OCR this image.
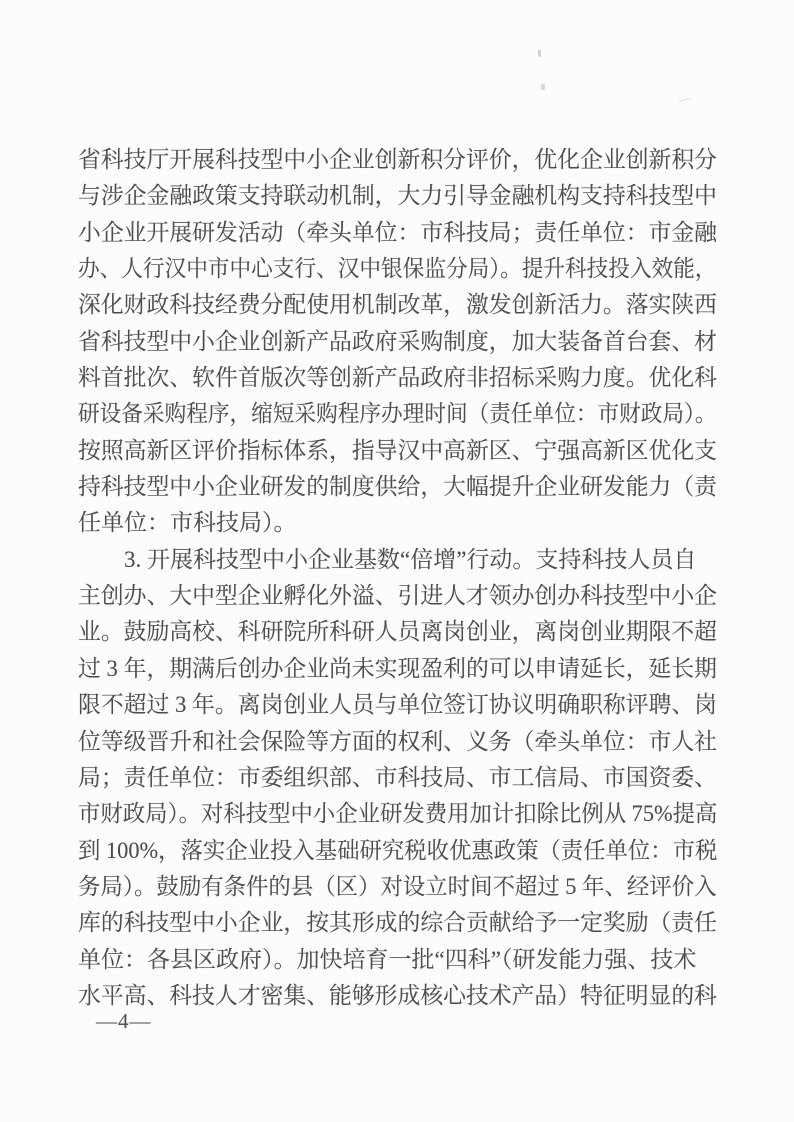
省科技厅开展科技型中小企业创新积分评价，优化企业创新积分
与涉企金融政策支持联动机制，大力引导金融机构支持科技型中
小企业开展研发活动（牵头单位：市科技局；责任单位：市金融
办、人行汉中市中心支行、汉中银保监分局）。提升科技投入效能，
深化财政科技经费分配使用机制改革，激发创新活力。落实陕西
省科技型中小企业创新产品政府采购制度，加大装备首台套、材
料首批次、软件首版次等创新产品政府非招标采购力度。优化科
研设备采购程序，缩短采购程序办理时间（责任单位：市财政局）。
按照高新区评价指标体系，指导汉中高新区、宁强高新区优化支
持科技型中小企业研发的制度供给，大幅提升企业研发能力（责
任单位：市科技局）。
　　3. 开展科技型中小企业基数“倍增”行动。支持科技人员自
主创办、大中型企业孵化外溢、引进人才领办创办科技型中小企
业。鼓励高校、科研院所科研人员离岗创业，离岗创业期限不超
过 3 年，期满后创办企业尚未实现盈利的可以申请延长，延长期
限不超过 3 年。离岗创业人员与单位签订协议明确职称评聘、岗
位等级晋升和社会保险等方面的权利、义务（牵头单位：市人社
局；责任单位：市委组织部、市科技局、市工信局、市国资委、
市财政局）。对科技型中小企业研发费用加计扣除比例从 75%提高
到 100%，落实企业投入基础研究税收优惠政策（责任单位：市税
务局）。鼓励有条件的县（区）对设立时间不超过 5 年、经评价入
库的科技型中小企业，按其形成的综合贡献给予一定奖励（责任
单位：各县区政府）。加快培育一批“四科”（研发能力强、技术
水平高、科技人才密集、能够形成核心技术产品）特征明显的科
—4—
